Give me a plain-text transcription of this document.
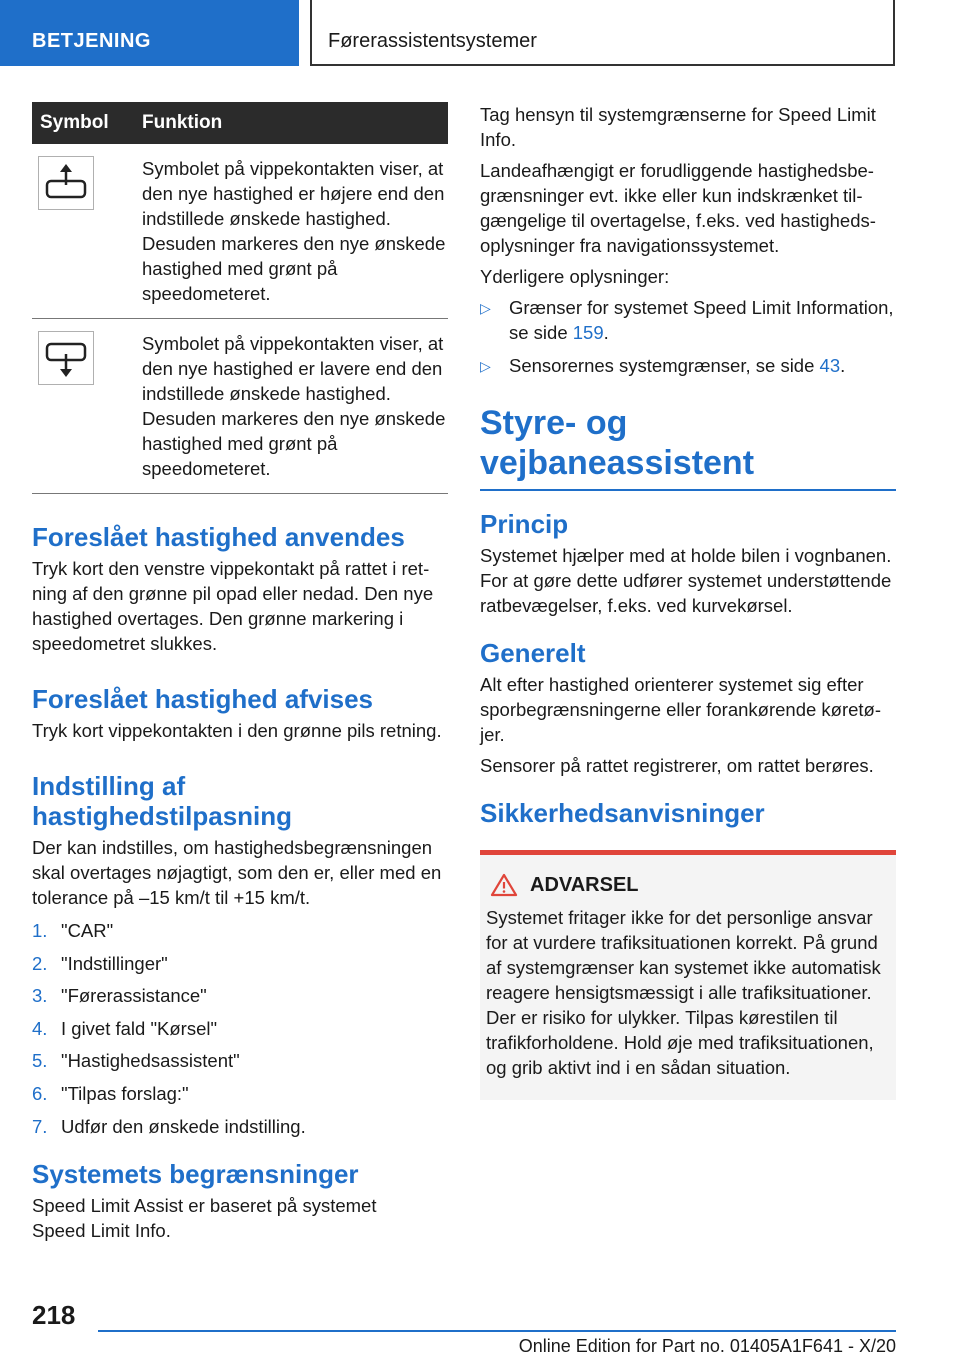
BETJENING	Førerassistentsystemer
Symbol	Funktion

	Symbolet på vippekontakten viser, at den nye hastighed er højere end den indstillede ønskede hastighed. Desuden markeres den nye ønskede hastighed med grønt på speedometeret.

	Symbolet på vippekontakten viser, at den nye hastighed er lavere end den indstillede ønskede hastighed. Desuden markeres den nye ønskede hastighed med grønt på speedometeret.
Foreslået hastighed anvendes

Tryk kort den venstre vippekontakt på rattet i retning af den grønne pil opad eller nedad. Den nye hastighed overtages. Den grønne markering i speedometret slukkes.

Foreslået hastighed afvises

Tryk kort vippekontakten i den grønne pils retning.

Indstilling af hastighedstilpasning

Der kan indstilles, om hastighedsbegrænsningen skal overtages nøjagtigt, som den er, eller med en tolerance på –15 km/t til +15 km/t.

1. "CAR"
2. "Indstillinger"
3. "Førerassistance"
4. I givet fald "Kørsel"
5. "Hastighedsassistent"
6. "Tilpas forslag:"
7. Udfør den ønskede indstilling.
Systemets begrænsninger

Speed Limit Assist er baseret på systemet Speed Limit Info.

Tag hensyn til systemgrænserne for Speed Limit Info.

Landeafhængigt er forudliggende hastighedsbegrænsninger evt. ikke eller kun indskrænket tilgængelige til overtagelse, f.eks. ved hastighedsoplysninger fra navigationssystemet.

Yderligere oplysninger:

▷ Grænser for systemet Speed Limit Information, se side 159.
▷ Sensorernes systemgrænser, se side 43.
Styre- og vejbaneassistent
Princip

Systemet hjælper med at holde bilen i vognbanen. For at gøre dette udfører systemet understøttende ratbevægelser, f.eks. ved kurvekørsel.

Generelt

Alt efter hastighed orienterer systemet sig efter sporbegrænsningerne eller forankørende køretøjer.

Sensorer på rattet registrerer, om rattet berøres.

Sikkerhedsanvisninger
ADVARSEL

Systemet fritager ikke for det personlige ansvar for at vurdere trafiksituationen korrekt. På grund af systemgrænser kan systemet ikke automatisk reagere hensigtsmæssigt i alle trafiksituationer. Der er risiko for ulykker. Tilpas kørestilen til trafikforholdene. Hold øje med trafiksituationen, og grib aktivt ind i en sådan situation.

218
Online Edition for Part no. 01405A1F641 - X/20
